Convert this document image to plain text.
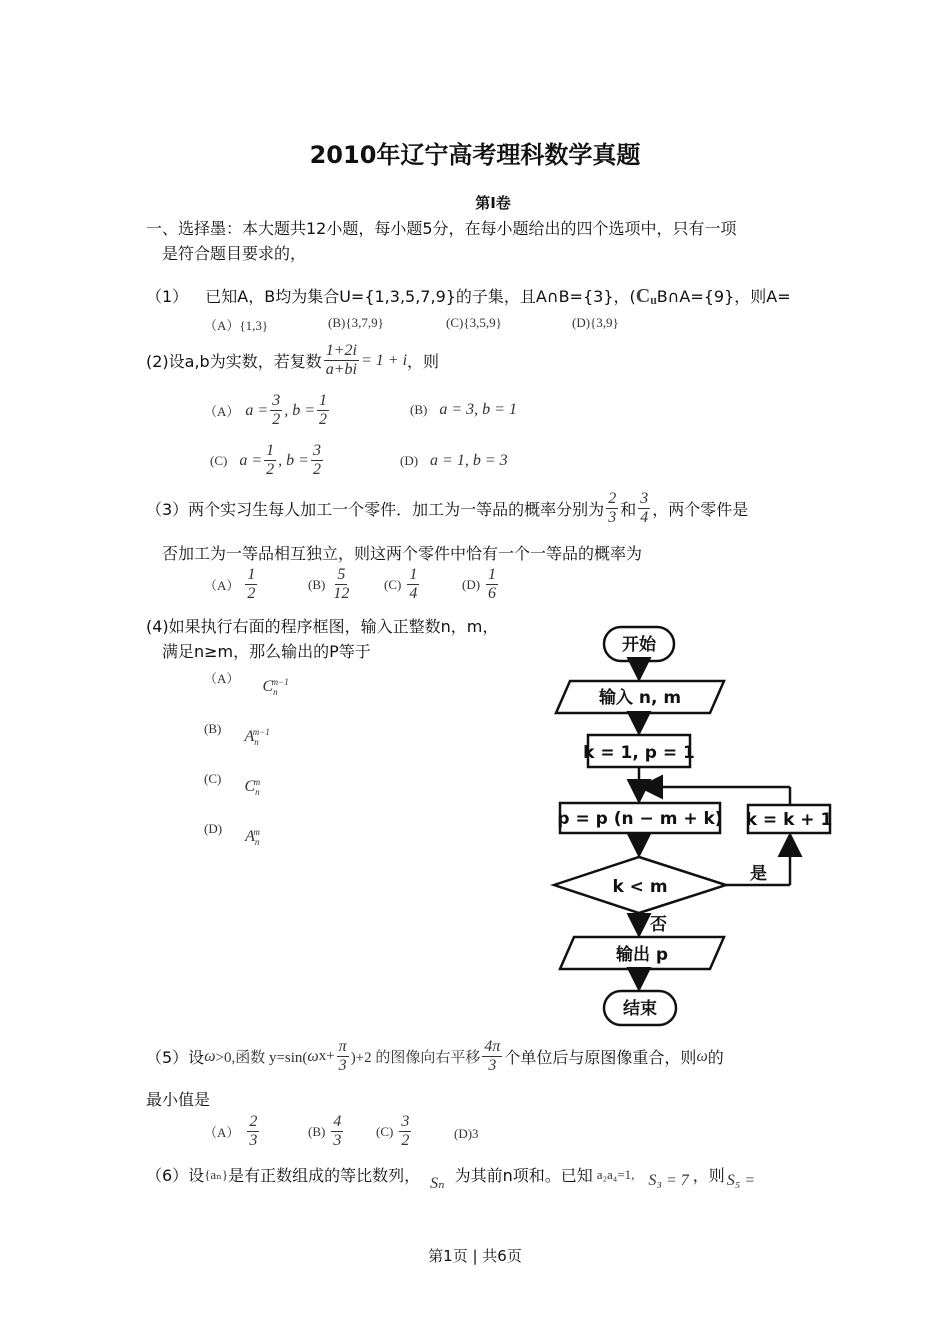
2010年辽宁高考理科数学真题
第Ⅰ卷
一、选择墨：本大题共12小题，每小题5分，在每小题给出的四个选项中，只有一项
是符合题目要求的，
（1） 已知A，B均为集合U={1,3,5,7,9}的子集，且A∩B={3}，(CᵤB∩A={9}，则A=
（A）{1,3}	(B){3,7,9}	(C){3,5,9}	(D){3,9}
(2)设a,b为实数，若复数 $\frac{1+2i}{a+bi} = 1 + i$ ，则
（A） $a = \frac{3}{2}$ , $b = \frac{1}{2}$	(B) a = 3, b = 1
(C) $a = \frac{1}{2}$ , $b = \frac{3}{2}$	(D) a = 1, b = 3
（3）两个实习生每人加工一个零件．加工为一等品的概率分别为 $\frac{2}{3}$ 和 $\frac{3}{4}$ ，两个零件是
否加工为一等品相互独立，则这两个零件中恰有一个一等品的概率为
$(A) \frac{1}{2}$	$(B) \frac{5}{12}$	$(C) \frac{1}{4}$	$(D) \frac{1}{6}$
(4)如果执行右面的程序框图，输入正整数n，m，
满足n≥m，那么输出的P等于
（A） $C_n^{m-1}$
(B) $A_n^{m-1}$
(C) $C_n^m$
(D) $A_n^m$
开始
输入 n, m
k = 1, p = 1
p = p (n − m + k)
k < m
输出 p
结束
k = k + 1
是
否
（5）设 ω >0,函数 y=sin( ω $x+ \frac{\pi}{3} )+2$ 的图像向右平移 $\frac{4\pi}{3}$ 个单位后与原图像重合，则 ω 的
最小值是
$(A) \frac{2}{3}$	$(B) \frac{4}{3}$	$(C) \frac{3}{2}$	(D)3
（6）设 {aₙ} 是有正数组成的等比数列， Sₙ 为其前n项和。已知 a₂a₄=1, S₃ = 7 ，则 S₅ =
第1页 | 共6页
